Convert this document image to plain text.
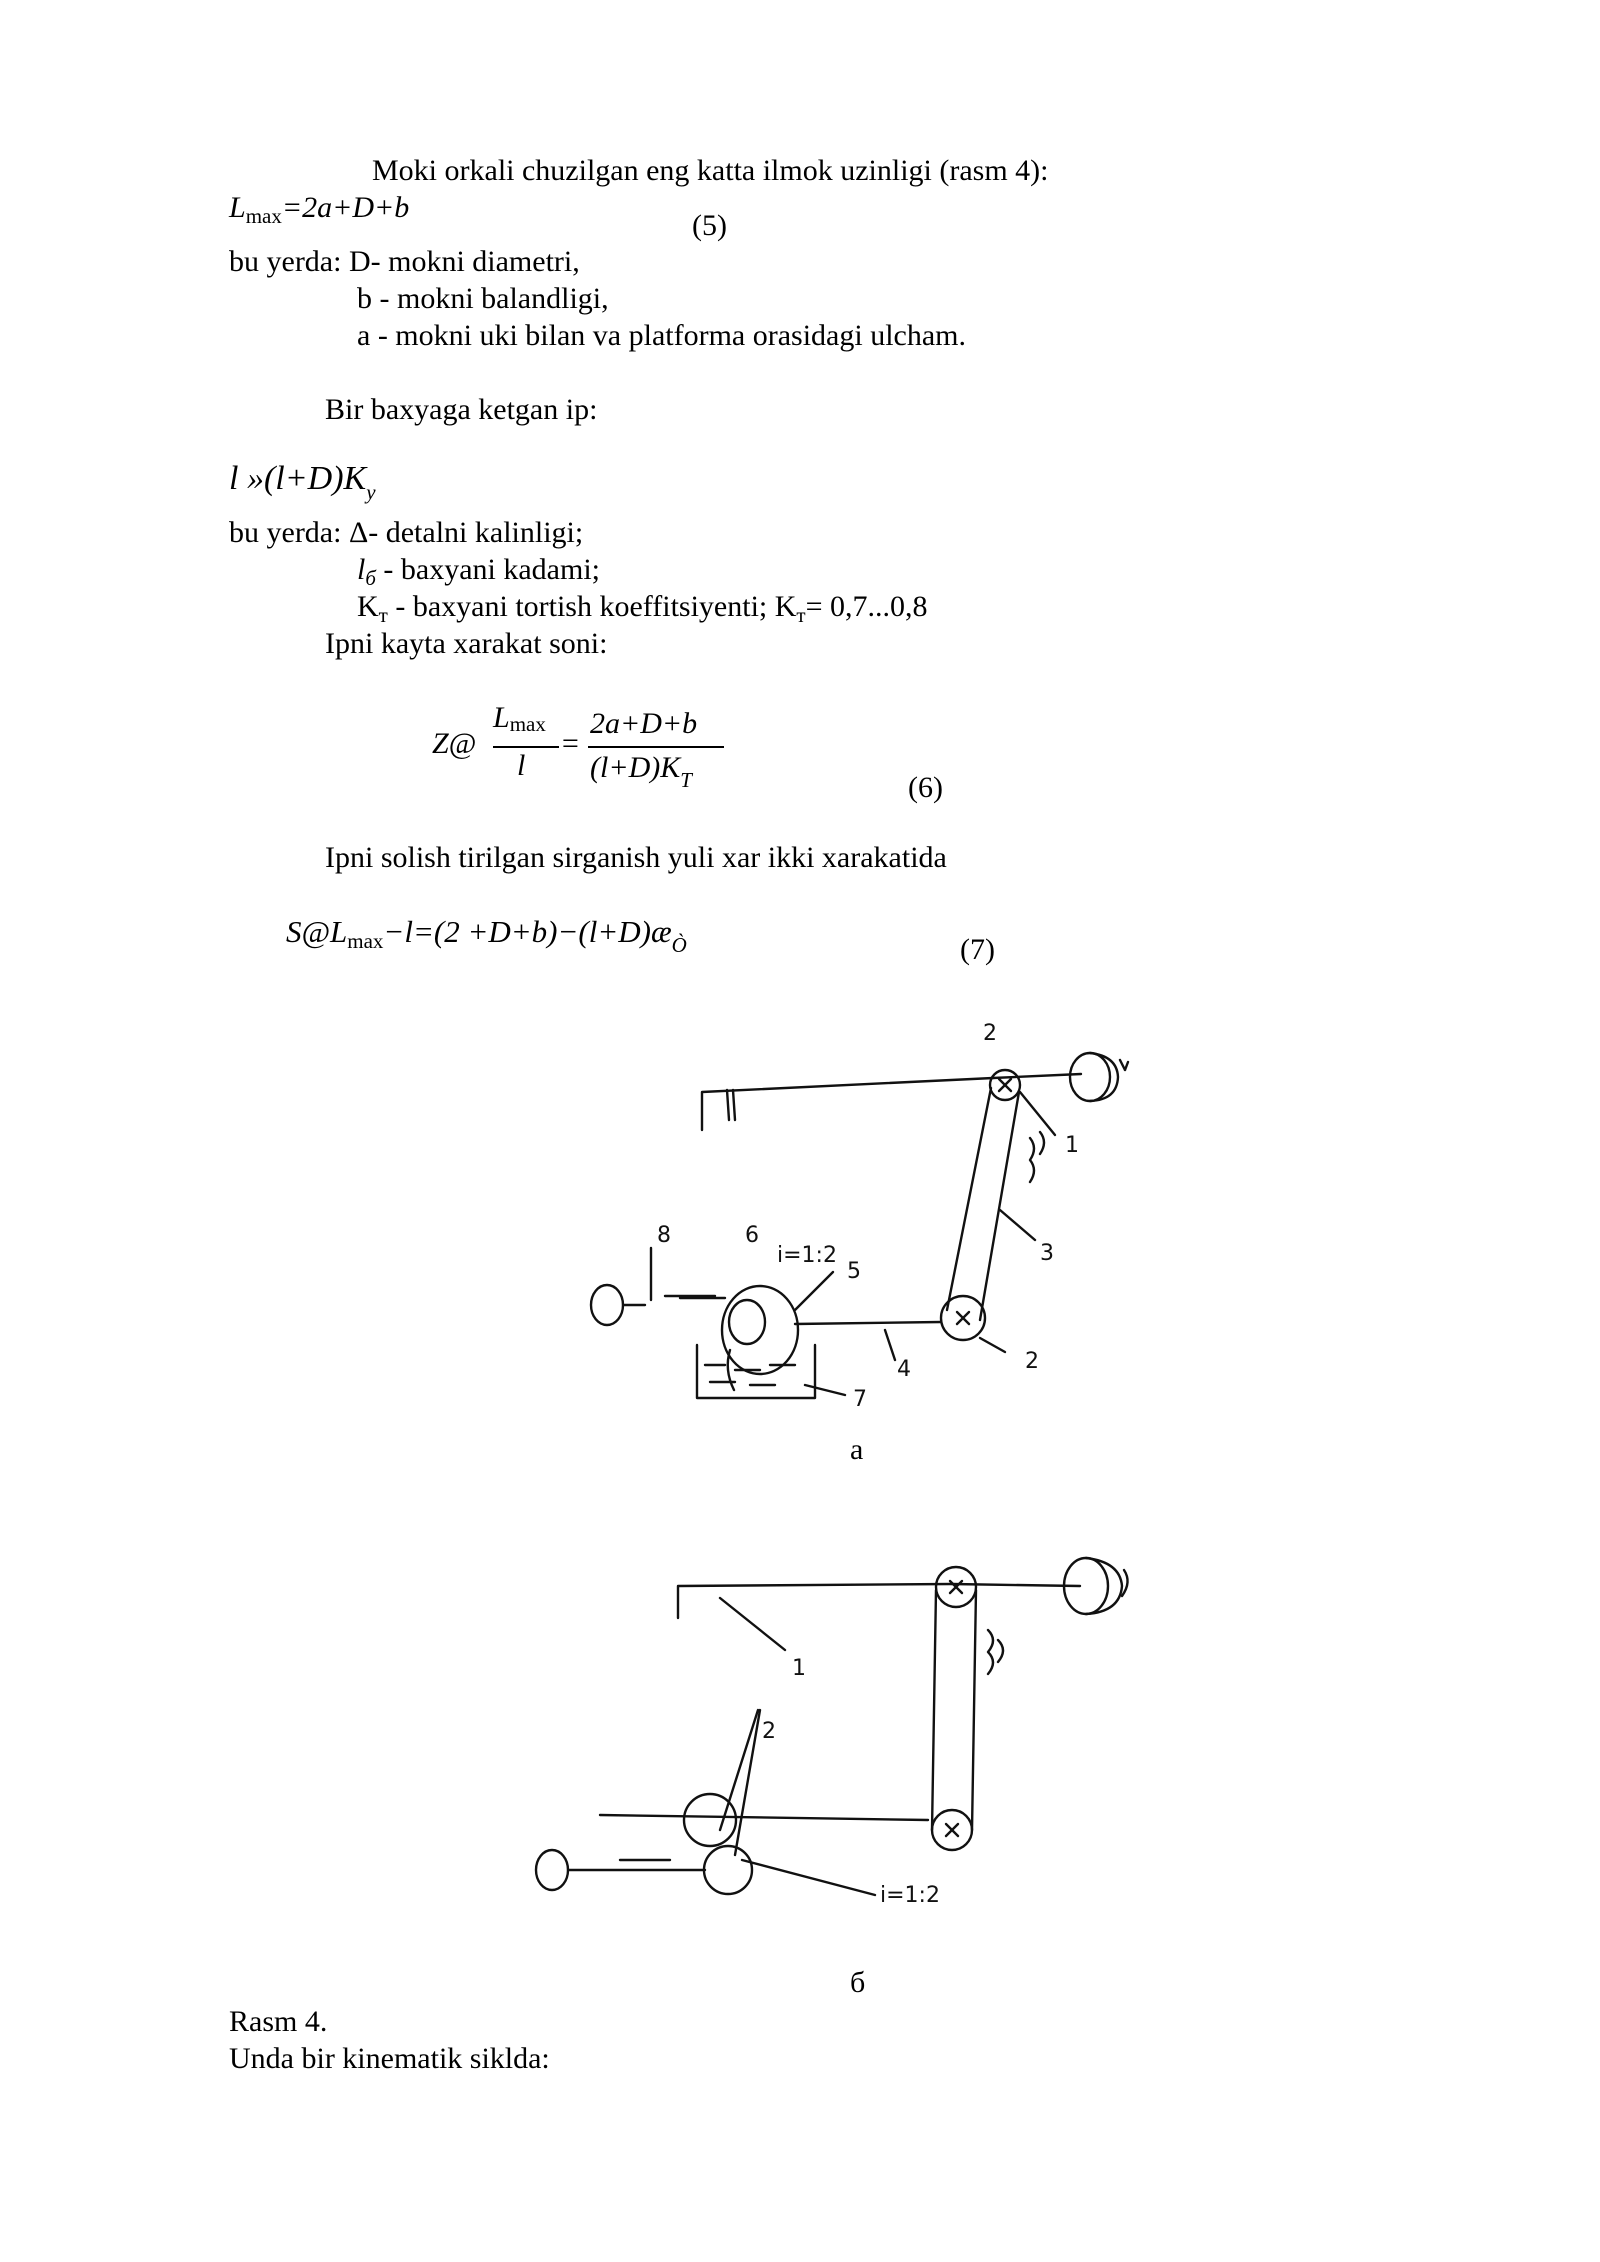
Moki orkali chuzilgan eng katta ilmok uzinligi (rasm 4):
$L_{max}=2a+D+b$
(5)
bu yerda: D- mokni diametri,
b - mokni balandligi,
a - mokni uki bilan va platforma orasidagi ulcham.
Bir baxyaga ketgan ip:
l $»(l+D)K_y$
bu yerda: Δ- detalni kalinligi;
$l_б$ - baxyani kadami;
$K_т$ - baxyani tortish koeffitsiyenti; $K_т= 0,7...0,8$
Ipni kayta xarakat soni:
Z@
Lmax
l
=
2a+D+b
$(l+D)K_T$	(6)
Ipni solish tirilgan sirganish yuli xar ikki xarakatida
S@Lmax−l=(2 $+D+b)-(l+D)æ_Ò$	(7)
2
1
3
2
8	6
i=1:2
5
4
7
a
1
2
i=1:2
б
Rasm 4.
Unda bir kinematik siklda:
